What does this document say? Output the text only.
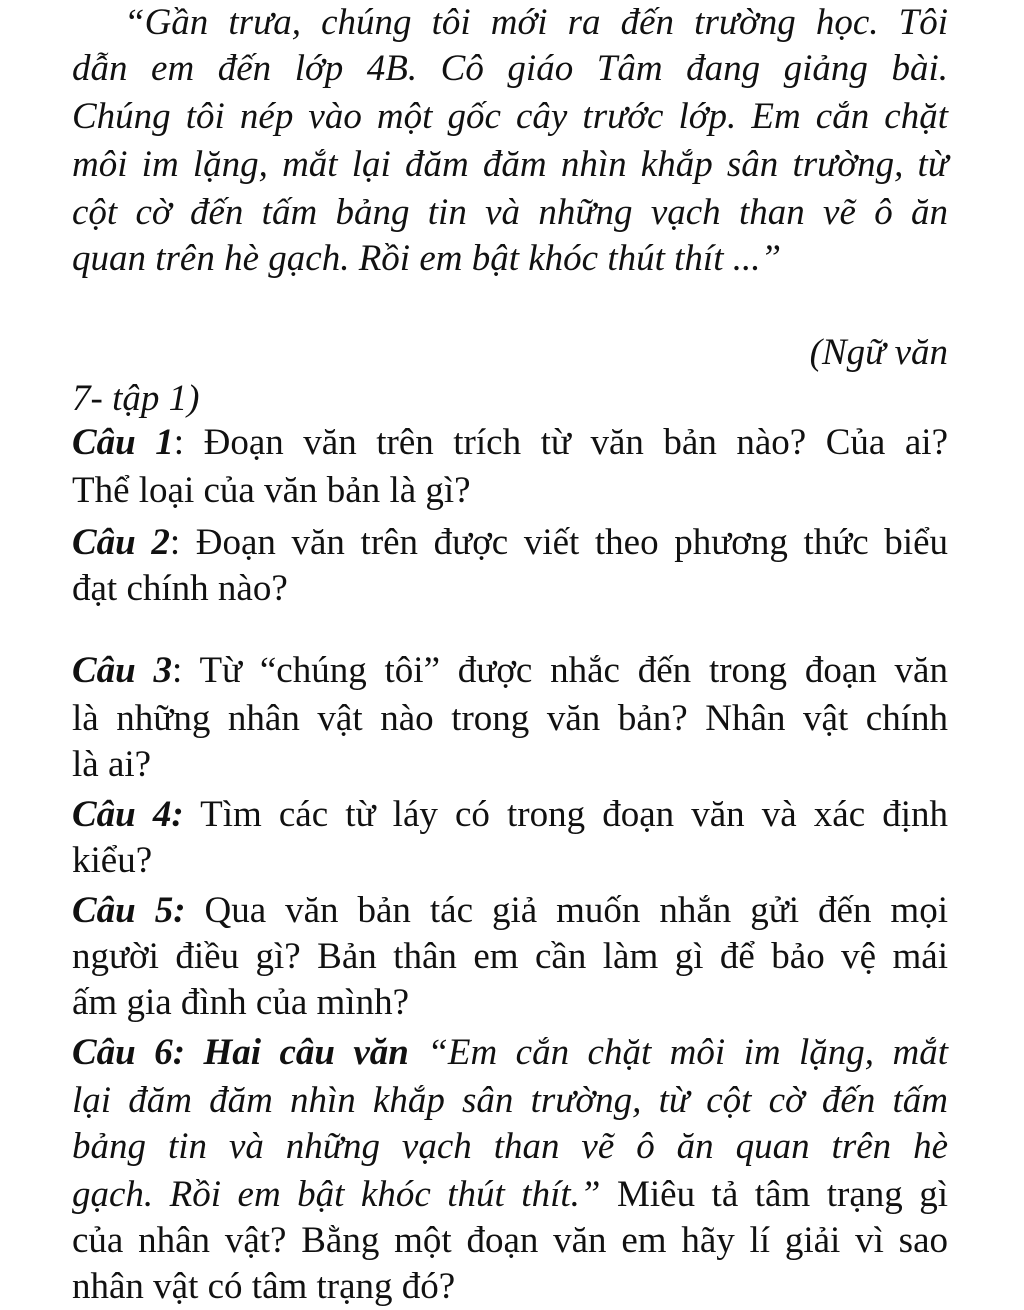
“Gần trưa, chúng tôi mới ra đến trường học. Tôi
dẫn em đến lớp 4B. Cô giáo Tâm đang giảng bài.
Chúng tôi nép vào một gốc cây trước lớp. Em cắn chặt
môi im lặng, mắt lại đăm đăm nhìn khắp sân trường, từ
cột cờ đến tấm bảng tin và những vạch than vẽ ô ăn
quan trên hè gạch. Rồi em bật khóc thút thít ...”
(Ngữ văn
7- tập 1)
Câu 1: Đoạn văn trên trích từ văn bản nào? Của ai?
Thể loại của văn bản là gì?
Câu 2: Đoạn văn trên được viết theo phương thức biểu
đạt chính nào?
Câu 3: Từ “chúng tôi” được nhắc đến trong đoạn văn
là những nhân vật nào trong văn bản? Nhân vật chính
là ai?
Câu 4: Tìm các từ láy có trong đoạn văn và xác định
kiểu?
Câu 5: Qua văn bản tác giả muốn nhắn gửi đến mọi
người điều gì? Bản thân em cần làm gì để bảo vệ mái
ấm gia đình của mình?
Câu 6: Hai câu văn “Em cắn chặt môi im lặng, mắt
lại đăm đăm nhìn khắp sân trường, từ cột cờ đến tấm
bảng tin và những vạch than vẽ ô ăn quan trên hè
gạch. Rồi em bật khóc thút thít.” Miêu tả tâm trạng gì
của nhân vật? Bằng một đoạn văn em hãy lí giải vì sao
nhân vật có tâm trạng đó?
